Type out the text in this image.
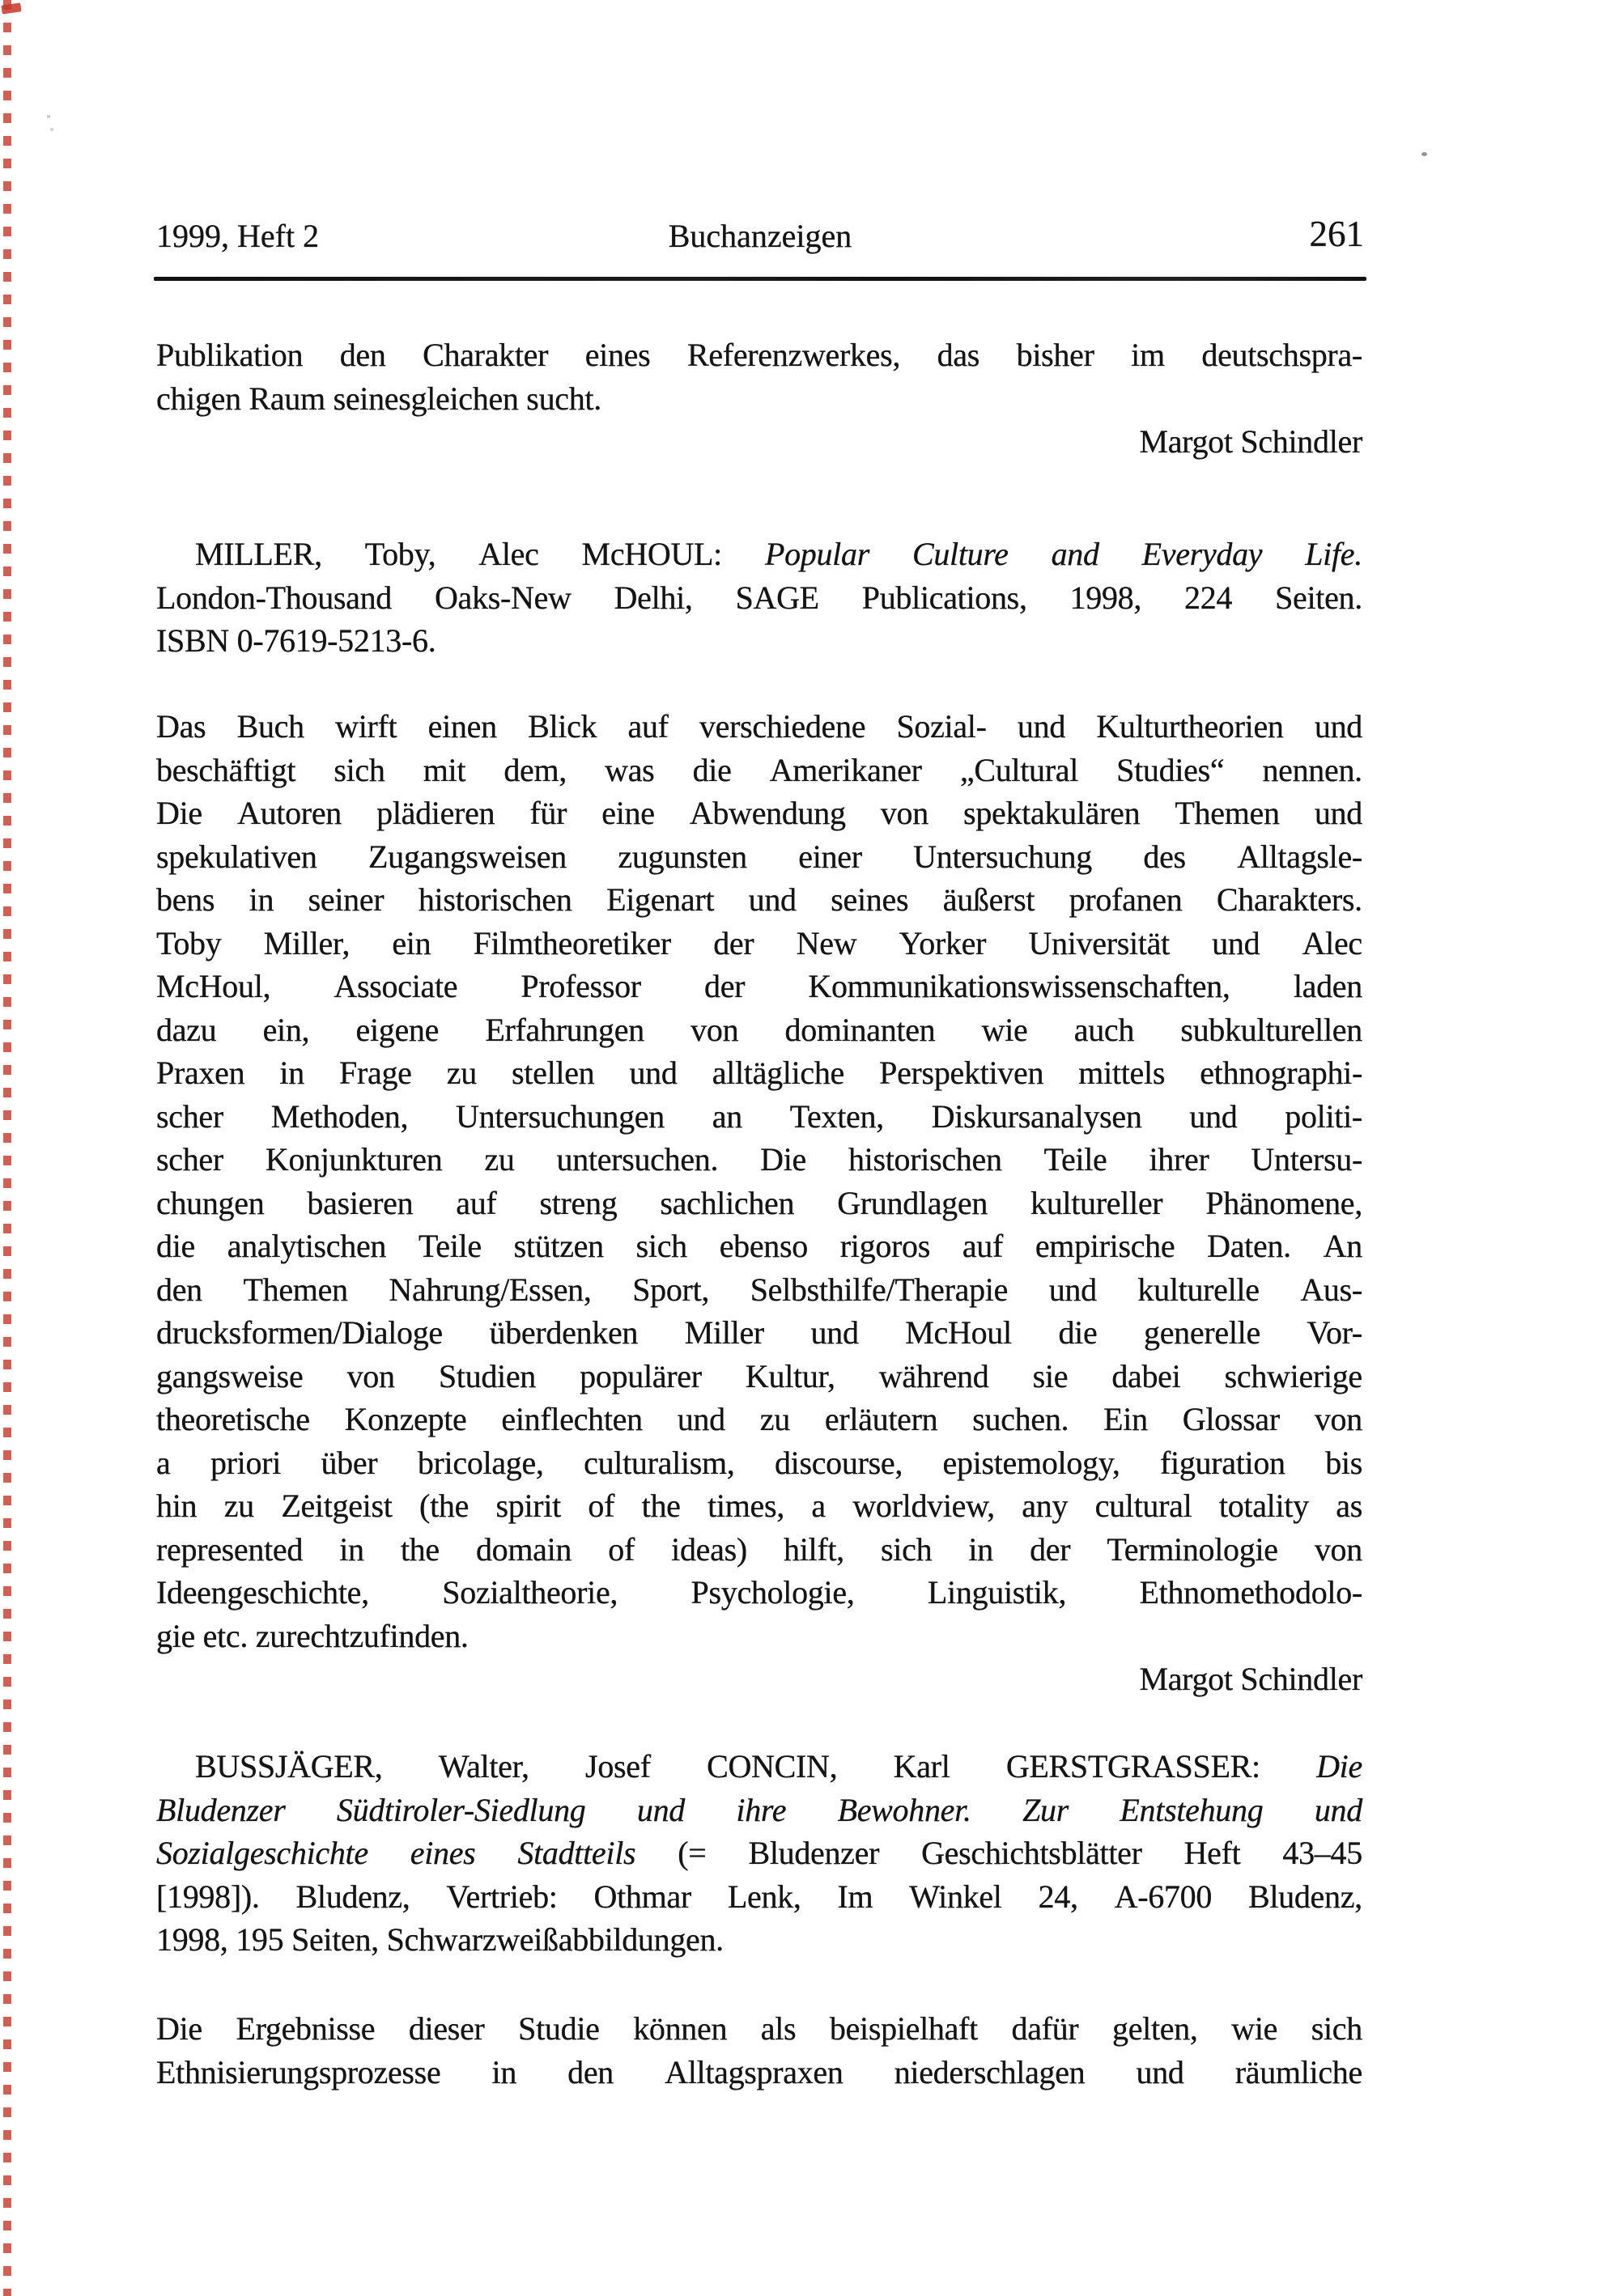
1999, Heft 2	Buchanzeigen	261
Publikation den Charakter eines Referenzwerkes, das bisher im deutschspra-
chigen Raum seinesgleichen sucht.
Margot Schindler
MILLER, Toby, Alec McHOUL: Popular Culture and Everyday Life.
London-Thousand Oaks-New Delhi, SAGE Publications, 1998, 224 Seiten.
ISBN 0-7619-5213-6.
Das Buch wirft einen Blick auf verschiedene Sozial- und Kulturtheorien und
beschäftigt sich mit dem, was die Amerikaner „Cultural Studies“ nennen.
Die Autoren plädieren für eine Abwendung von spektakulären Themen und
spekulativen Zugangsweisen zugunsten einer Untersuchung des Alltagsle-
bens in seiner historischen Eigenart und seines äußerst profanen Charakters.
Toby Miller, ein Filmtheoretiker der New Yorker Universität und Alec
McHoul, Associate Professor der Kommunikationswissenschaften, laden
dazu ein, eigene Erfahrungen von dominanten wie auch subkulturellen
Praxen in Frage zu stellen und alltägliche Perspektiven mittels ethnographi-
scher Methoden, Untersuchungen an Texten, Diskursanalysen und politi-
scher Konjunkturen zu untersuchen. Die historischen Teile ihrer Untersu-
chungen basieren auf streng sachlichen Grundlagen kultureller Phänomene,
die analytischen Teile stützen sich ebenso rigoros auf empirische Daten. An
den Themen Nahrung/Essen, Sport, Selbsthilfe/Therapie und kulturelle Aus-
drucksformen/Dialoge überdenken Miller und McHoul die generelle Vor-
gangsweise von Studien populärer Kultur, während sie dabei schwierige
theoretische Konzepte einflechten und zu erläutern suchen. Ein Glossar von
a priori über bricolage, culturalism, discourse, epistemology, figuration bis
hin zu Zeitgeist (the spirit of the times, a worldview, any cultural totality as
represented in the domain of ideas) hilft, sich in der Terminologie von
Ideengeschichte, Sozialtheorie, Psychologie, Linguistik, Ethnomethodolo-
gie etc. zurechtzufinden.
Margot Schindler
BUSSJÄGER, Walter, Josef CONCIN, Karl GERSTGRASSER: Die
Bludenzer Südtiroler-Siedlung und ihre Bewohner. Zur Entstehung und
Sozialgeschichte eines Stadtteils (= Bludenzer Geschichtsblätter Heft 43–45
[1998]). Bludenz, Vertrieb: Othmar Lenk, Im Winkel 24, A-6700 Bludenz,
1998, 195 Seiten, Schwarzweißabbildungen.
Die Ergebnisse dieser Studie können als beispielhaft dafür gelten, wie sich
Ethnisierungsprozesse in den Alltagspraxen niederschlagen und räumliche
